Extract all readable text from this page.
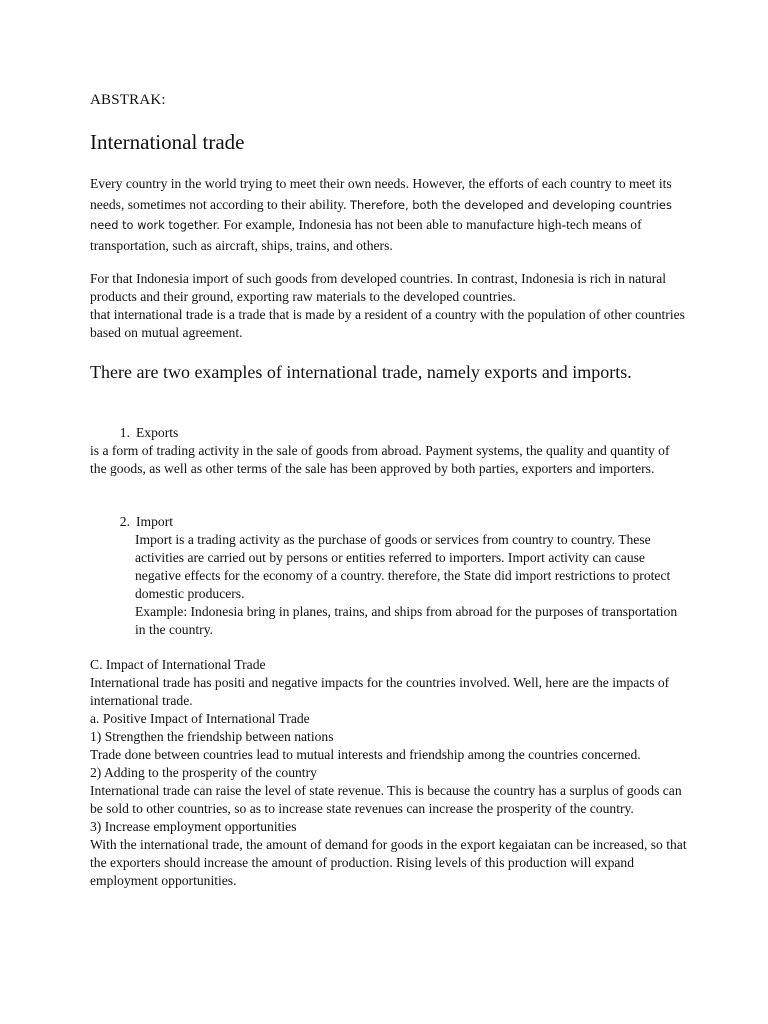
ABSTRAK:

International trade

Every country in the world trying to meet their own needs. However, the efforts of each country to meet its needs, sometimes not according to their ability. Therefore, both the developed and developing countries need to work together. For example, Indonesia has not been able to manufacture high-tech means of transportation, such as aircraft, ships, trains, and others.

For that Indonesia import of such goods from developed countries. In contrast, Indonesia is rich in natural products and their ground, exporting raw materials to the developed countries.
that international trade is a trade that is made by a resident of a country with the population of other countries based on mutual agreement.

There are two examples of international trade, namely exports and imports.

1. Exports
is a form of trading activity in the sale of goods from abroad. Payment systems, the quality and quantity of the goods, as well as other terms of the sale has been approved by both parties, exporters and importers.
2. Import
Import is a trading activity as the purchase of goods or services from country to country. These activities are carried out by persons or entities referred to importers. Import activity can cause negative effects for the economy of a country. therefore, the State did import restrictions to protect domestic producers.
Example: Indonesia bring in planes, trains, and ships from abroad for the purposes of transportation in the country.
C. Impact of International Trade
International trade has positi and negative impacts for the countries involved. Well, here are the impacts of international trade.
a. Positive Impact of International Trade
1) Strengthen the friendship between nations
Trade done between countries lead to mutual interests and friendship among the countries concerned.
2) Adding to the prosperity of the country
International trade can raise the level of state revenue. This is because the country has a surplus of goods can be sold to other countries, so as to increase state revenues can increase the prosperity of the country.
3) Increase employment opportunities
With the international trade, the amount of demand for goods in the export kegaiatan can be increased, so that the exporters should increase the amount of production. Rising levels of this production will expand employment opportunities.
